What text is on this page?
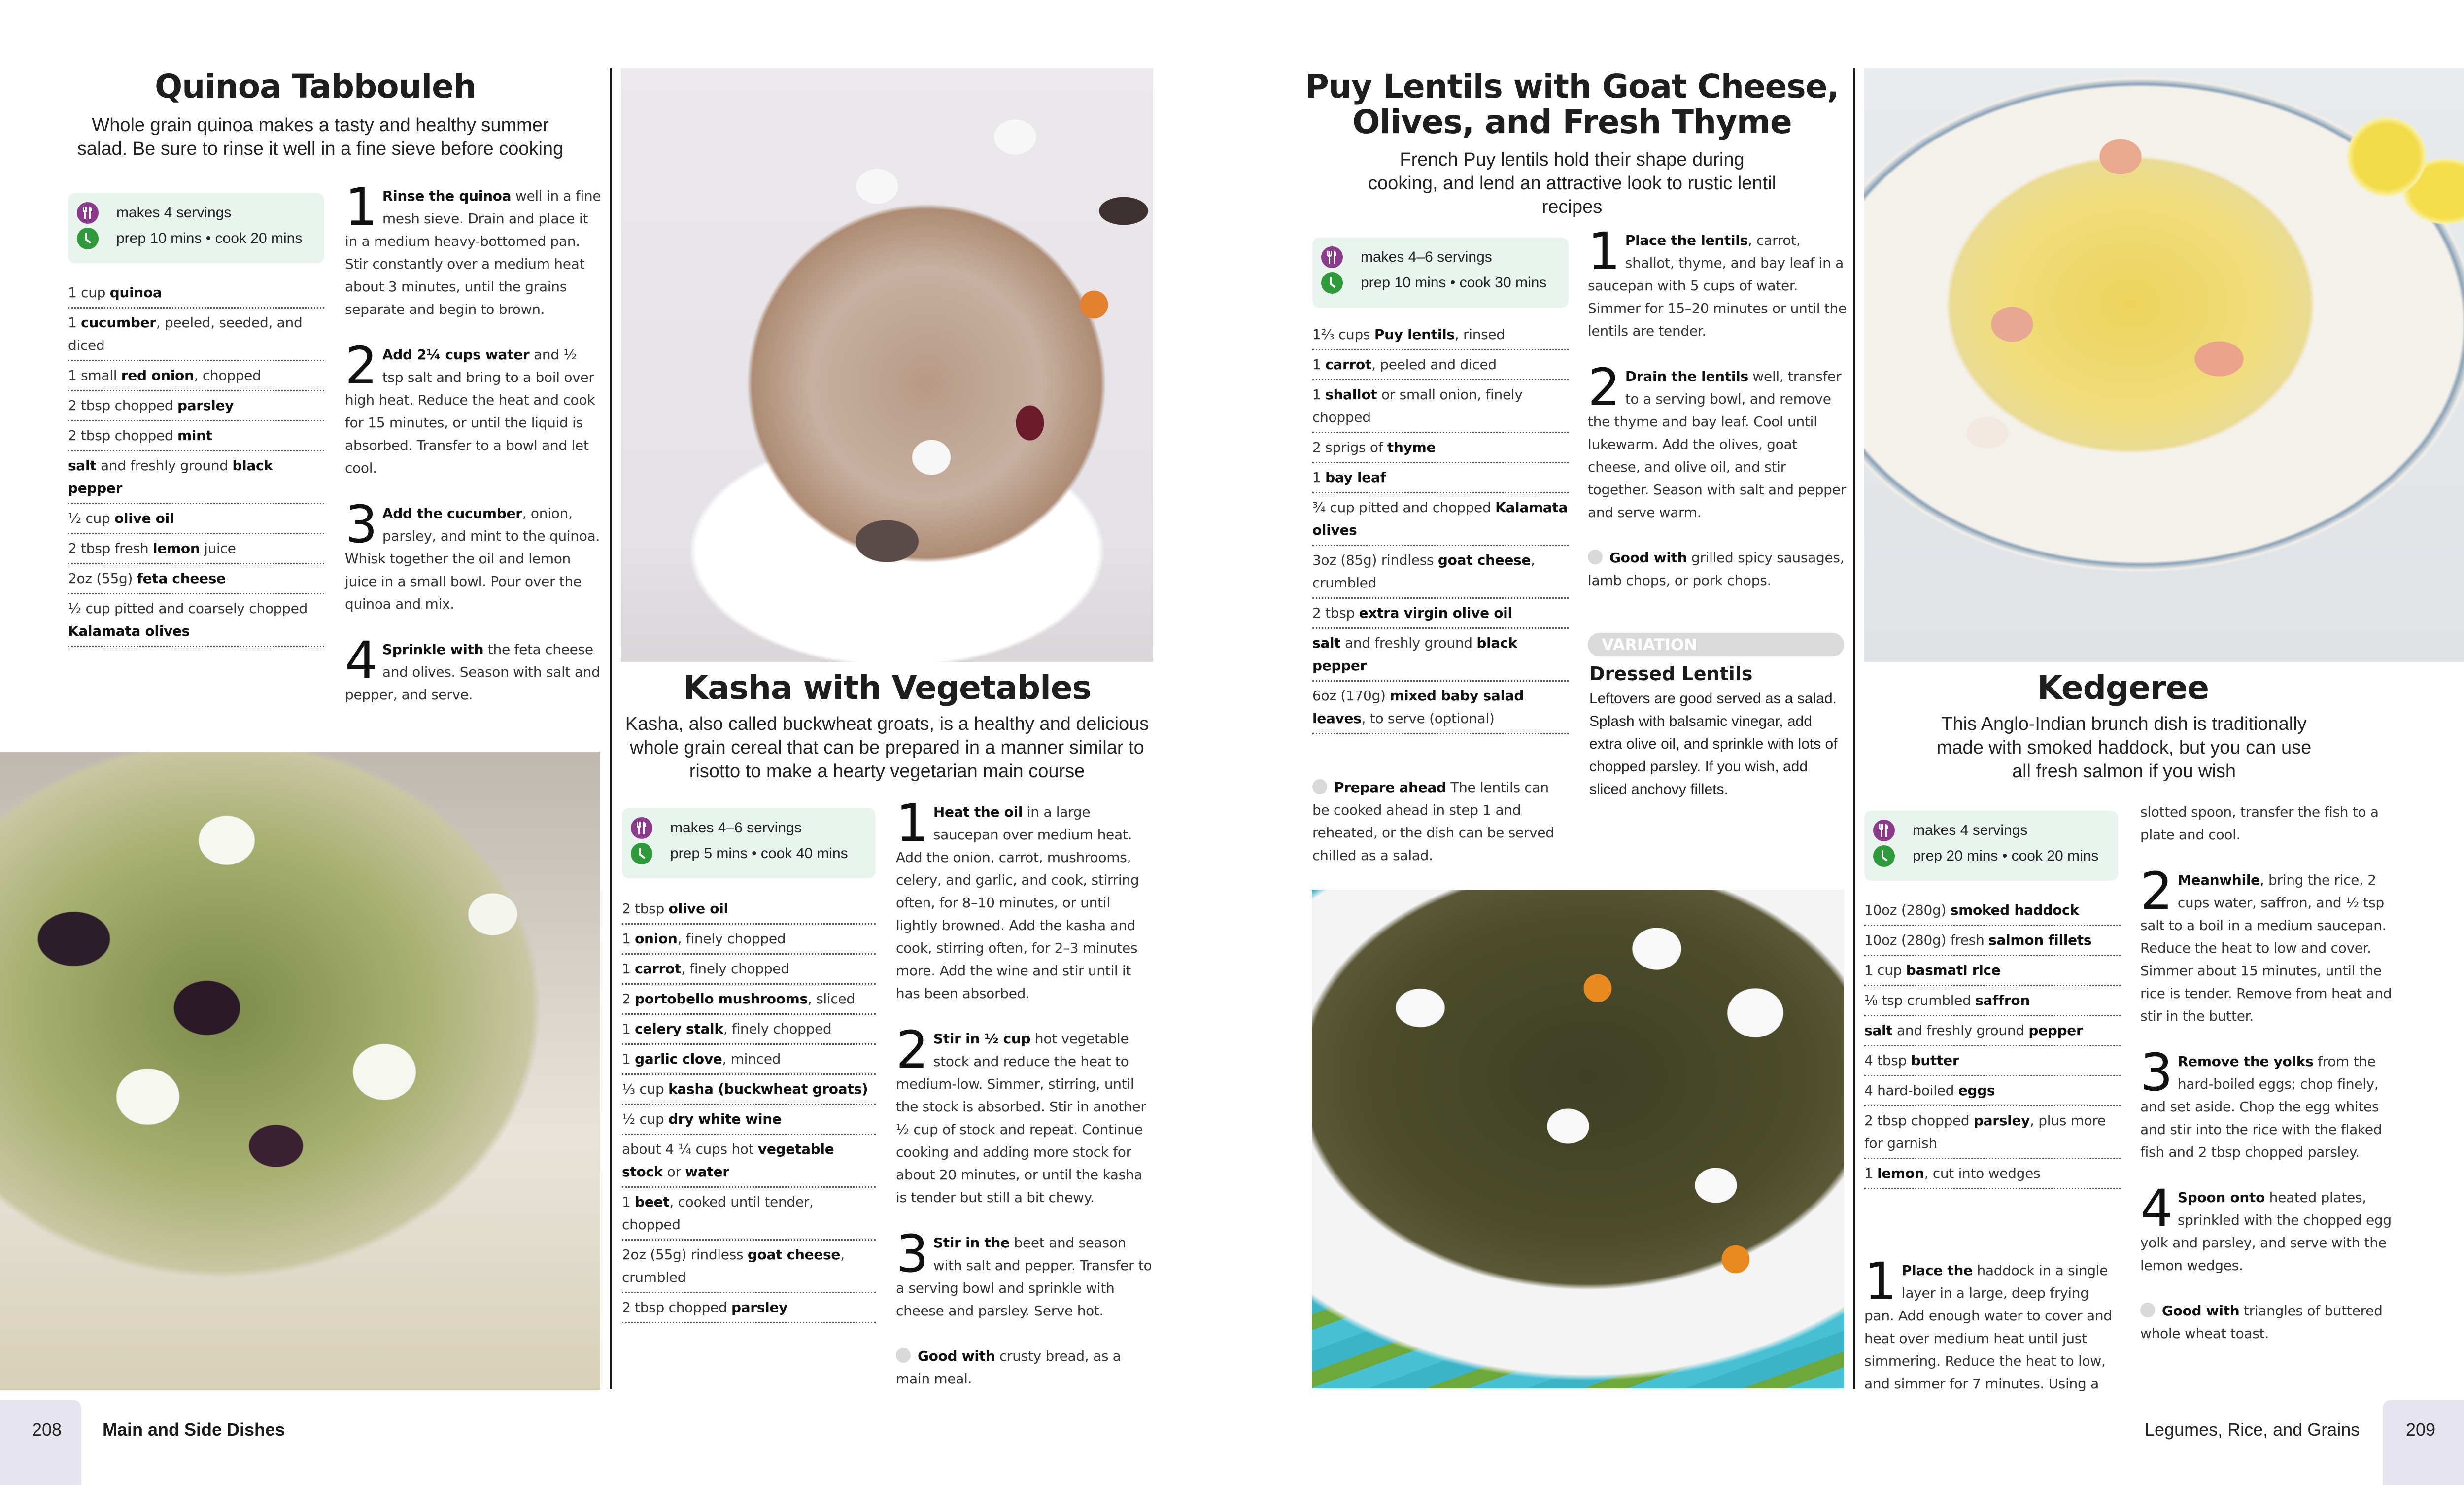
Quinoa Tabbouleh

Whole grain quinoa makes a tasty and healthy summer salad. Be sure to rinse it well in a fine sieve before cooking

makes 4 servings
prep 10 mins • cook 20 mins
1 cup quinoa
1 cucumber, peeled, seeded, and diced
1 small red onion, chopped
2 tbsp chopped parsley
2 tbsp chopped mint
salt and freshly ground black pepper
½ cup olive oil
2 tbsp fresh lemon juice
2oz (55g) feta cheese
½ cup pitted and coarsely chopped Kalamata olives

1 Rinse the quinoa well in a fine mesh sieve. Drain and place it in a medium heavy-bottomed pan. Stir constantly over a medium heat about 3 minutes, until the grains separate and begin to brown.

2 Add 2¼ cups water and ½ tsp salt and bring to a boil over high heat. Reduce the heat and cook for 15 minutes, or until the liquid is absorbed. Transfer to a bowl and let cool.

3 Add the cucumber, onion, parsley, and mint to the quinoa. Whisk together the oil and lemon juice in a small bowl. Pour over the quinoa and mix.

4 Sprinkle with the feta cheese and olives. Season with salt and pepper, and serve.	Kasha with Vegetables

Kasha, also called buckwheat groats, is a healthy and delicious whole grain cereal that can be prepared in a manner similar to risotto to make a hearty vegetarian main course

makes 4–6 servings
prep 5 mins • cook 40 mins
2 tbsp olive oil
1 onion, finely chopped
1 carrot, finely chopped
2 portobello mushrooms, sliced
1 celery stalk, finely chopped
1 garlic clove, minced
⅓ cup kasha (buckwheat groats)
½ cup dry white wine
about 4 ¼ cups hot vegetable stock or water
1 beet, cooked until tender, chopped
2oz (55g) rindless goat cheese, crumbled
2 tbsp chopped parsley

1 Heat the oil in a large saucepan over medium heat. Add the onion, carrot, mushrooms, celery, and garlic, and cook, stirring often, for 8–10 minutes, or until lightly browned. Add the kasha and cook, stirring often, for 2–3 minutes more. Add the wine and stir until it has been absorbed.

2 Stir in ½ cup hot vegetable stock and reduce the heat to medium-low. Simmer, stirring, until the stock is absorbed. Stir in another ½ cup of stock and repeat. Continue cooking and adding more stock for about 20 minutes, or until the kasha is tender but still a bit chewy.

3 Stir in the beet and season with salt and pepper. Transfer to a serving bowl and sprinkle with cheese and parsley. Serve hot.

Good with crusty bread, as a main meal.

208 Main and Side Dishes
Puy Lentils with Goat Cheese,
Olives, and Fresh Thyme

French Puy lentils hold their shape during cooking, and lend an attractive look to rustic lentil recipes

makes 4–6 servings
prep 10 mins • cook 30 mins
1⅔ cups Puy lentils, rinsed
1 carrot, peeled and diced
1 shallot or small onion, finely chopped
2 sprigs of thyme
1 bay leaf
¾ cup pitted and chopped Kalamata olives
3oz (85g) rindless goat cheese, crumbled
2 tbsp extra virgin olive oil
salt and freshly ground black pepper
6oz (170g) mixed baby salad leaves, to serve (optional)

Prepare ahead The lentils can be cooked ahead in step 1 and reheated, or the dish can be served chilled as a salad.

1 Place the lentils, carrot, shallot, thyme, and bay leaf in a saucepan with 5 cups of water. Simmer for 15–20 minutes or until the lentils are tender.

2 Drain the lentils well, transfer to a serving bowl, and remove the thyme and bay leaf. Cool until lukewarm. Add the olives, goat cheese, and olive oil, and stir together. Season with salt and pepper and serve warm.

Good with grilled spicy sausages, lamb chops, or pork chops.

VARIATION
Dressed Lentils

Leftovers are good served as a salad. Splash with balsamic vinegar, add extra olive oil, and sprinkle with lots of chopped parsley. If you wish, add sliced anchovy fillets.

Kedgeree

This Anglo-Indian brunch dish is traditionally made with smoked haddock, but you can use all fresh salmon if you wish

makes 4 servings
prep 20 mins • cook 20 mins
10oz (280g) smoked haddock
10oz (280g) fresh salmon fillets
1 cup basmati rice
⅛ tsp crumbled saffron
salt and freshly ground pepper
4 tbsp butter
4 hard-boiled eggs
2 tbsp chopped parsley, plus more for garnish
1 lemon, cut into wedges

1 Place the haddock in a single layer in a large, deep frying pan. Add enough water to cover and heat over medium heat until just simmering. Reduce the heat to low, and simmer for 7 minutes. Using a

slotted spoon, transfer the fish to a plate and cool.

2 Meanwhile, bring the rice, 2 cups water, saffron, and ½ tsp salt to a boil in a medium saucepan. Reduce the heat to low and cover. Simmer about 15 minutes, until the rice is tender. Remove from heat and stir in the butter.

3 Remove the yolks from the hard-boiled eggs; chop finely, and set aside. Chop the egg whites and stir into the rice with the flaked fish and 2 tbsp chopped parsley.

4 Spoon onto heated plates, sprinkled with the chopped egg yolk and parsley, and serve with the lemon wedges.

Good with triangles of buttered whole wheat toast.

Legumes, Rice, and Grains	209
